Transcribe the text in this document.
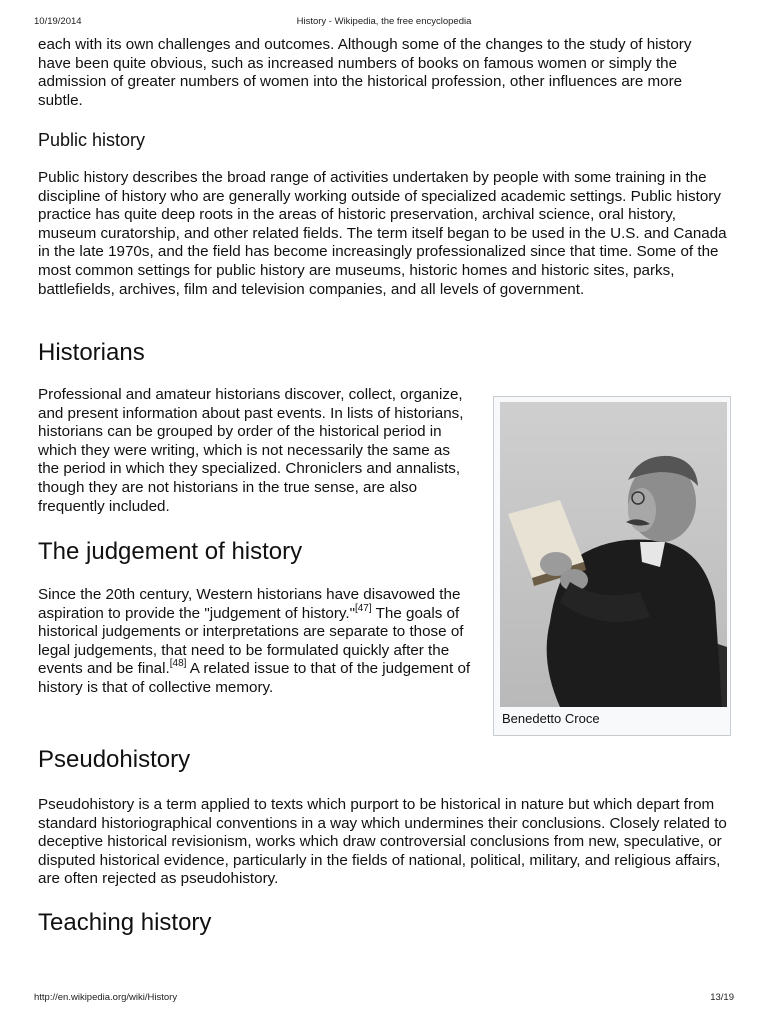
10/19/2014	History - Wikipedia, the free encyclopedia

each with its own challenges and outcomes. Although some of the changes to the study of history have been quite obvious, such as increased numbers of books on famous women or simply the admission of greater numbers of women into the historical profession, other influences are more subtle.

Public history

Public history describes the broad range of activities undertaken by people with some training in the discipline of history who are generally working outside of specialized academic settings. Public history practice has quite deep roots in the areas of historic preservation, archival science, oral history, museum curatorship, and other related fields. The term itself began to be used in the U.S. and Canada in the late 1970s, and the field has become increasingly professionalized since that time. Some of the most common settings for public history are museums, historic homes and historic sites, parks, battlefields, archives, film and television companies, and all levels of government.

Historians

Professional and amateur historians discover, collect, organize, and present information about past events. In lists of historians, historians can be grouped by order of the historical period in which they were writing, which is not necessarily the same as the period in which they specialized. Chroniclers and annalists, though they are not historians in the true sense, are also frequently included.

The judgement of history

Since the 20th century, Western historians have disavowed the aspiration to provide the "judgement of history."[47] The goals of historical judgements or interpretations are separate to those of legal judgements, that need to be formulated quickly after the events and be final.[48] A related issue to that of the judgement of history is that of collective memory.

Pseudohistory

Pseudohistory is a term applied to texts which purport to be historical in nature but which depart from standard historiographical conventions in a way which undermines their conclusions. Closely related to deceptive historical revisionism, works which draw controversial conclusions from new, speculative, or disputed historical evidence, particularly in the fields of national, political, military, and religious affairs, are often rejected as pseudohistory.

Teaching history
Benedetto Croce
http://en.wikipedia.org/wiki/History	13/19
